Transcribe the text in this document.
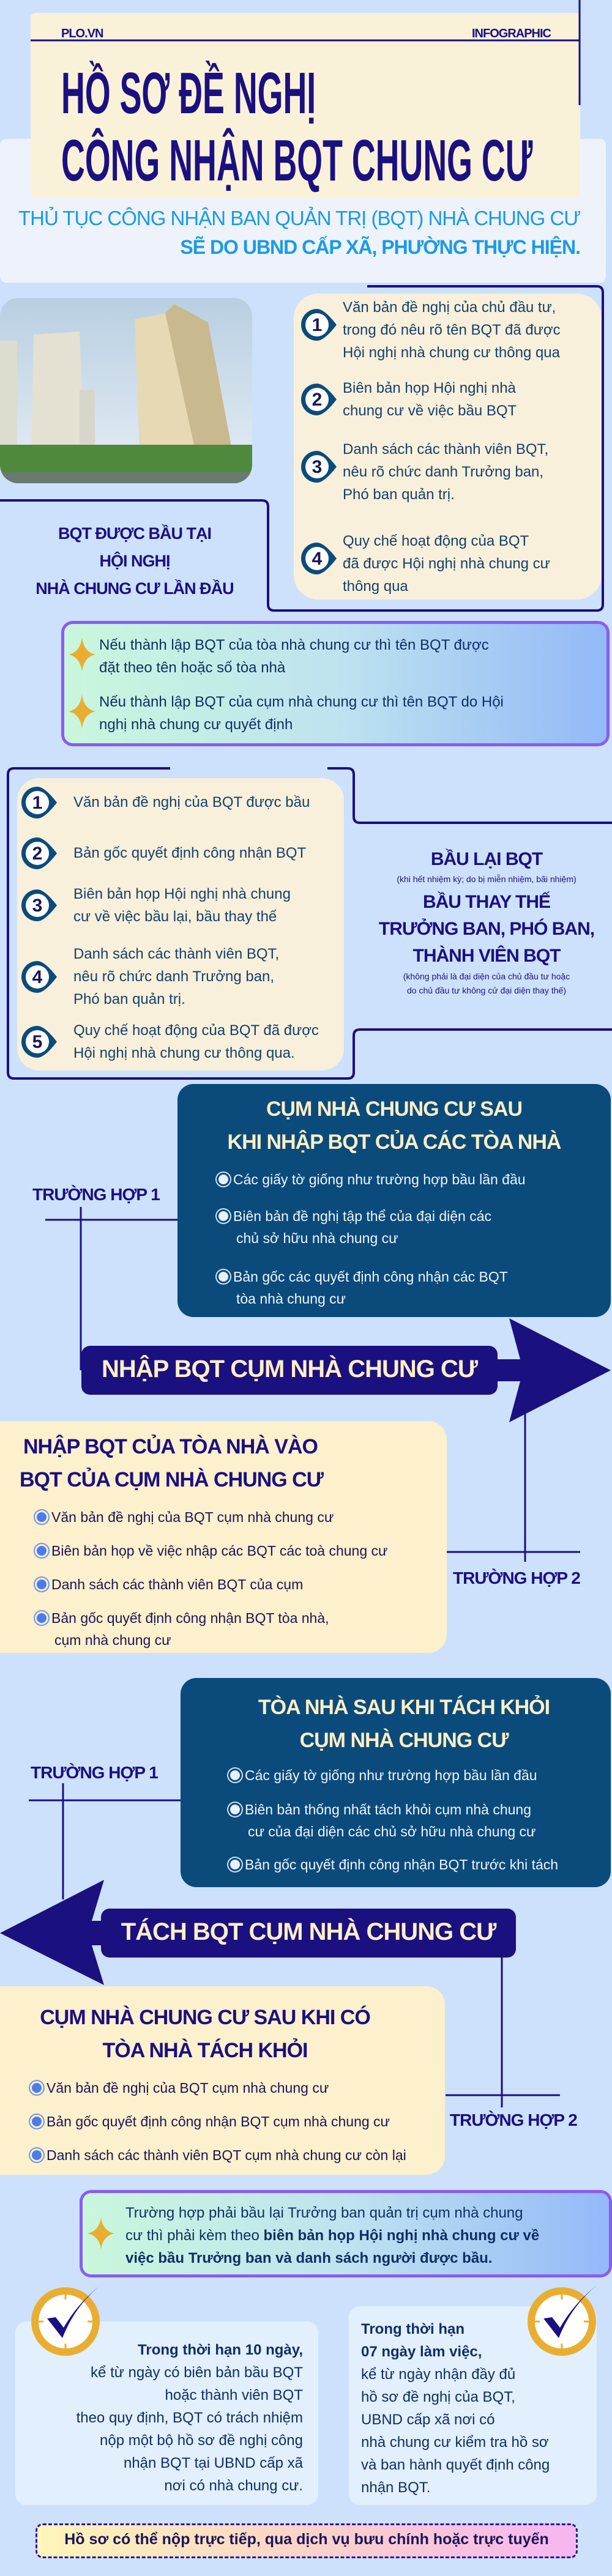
PLO.VN	INFOGRAPHIC
HỒ SƠ ĐỀ NGHỊ
CÔNG NHẬN BQT CHUNG CƯ
THỦ TỤC CÔNG NHẬN BAN QUẢN TRỊ (BQT) NHÀ CHUNG CƯ
SẼ DO UBND CẤP XÃ, PHƯỜNG THỰC HIỆN.
BQT ĐƯỢC BẦU TẠI
HỘI NGHỊ
NHÀ CHUNG CƯ LẦN ĐẦU
BẦU LẠI BQT
(khi hết nhiệm kỳ; do bị miễn nhiệm, bãi nhiệm)
BẦU THAY THẾ
TRƯỞNG BAN, PHÓ BAN,
THÀNH VIÊN BQT
(không phải là đại diện của chủ đầu tư hoặc
do chủ đầu tư không cử đại diện thay thế)
CỤM NHÀ CHUNG CƯ SAU
KHI NHẬP BQT CỦA CÁC TÒA NHÀ
TRƯỜNG HỢP 1
NHẬP BQT CỤM NHÀ CHUNG CƯ
NHẬP BQT CỦA TÒA NHÀ VÀO
BQT CỦA CỤM NHÀ CHUNG CƯ
TRƯỜNG HỢP 2
TÒA NHÀ SAU KHI TÁCH KHỎI
CỤM NHÀ CHUNG CƯ
TRƯỜNG HỢP 1
TÁCH BQT CỤM NHÀ CHUNG CƯ
CỤM NHÀ CHUNG CƯ SAU KHI CÓ
TÒA NHÀ TÁCH KHỎI
TRƯỜNG HỢP 2
Trường hợp phải bầu lại Trưởng ban quản trị cụm nhà chung
cư thì phải kèm theo biên bản họp Hội nghị nhà chung cư về
việc bầu Trưởng ban và danh sách người được bầu.
Trong thời hạn 10 ngày,
kể từ ngày có biên bản bầu BQT
hoặc thành viên BQT
theo quy định, BQT có trách nhiệm
nộp một bộ hồ sơ đề nghị công
nhận BQT tại UBND cấp xã
nơi có nhà chung cư.
Trong thời hạn
07 ngày làm việc,
kể từ ngày nhận đầy đủ
hồ sơ đề nghị của BQT,
UBND cấp xã nơi có
nhà chung cư kiểm tra hồ sơ
và ban hành quyết định công
nhận BQT.
Hồ sơ có thể nộp trực tiếp, qua dịch vụ bưu chính hoặc trực tuyến
1
Văn bản đề nghị của chủ đầu tư,
trong đó nêu rõ tên BQT đã được
Hội nghị nhà chung cư thông qua
2
Biên bản họp Hội nghị nhà
chung cư về việc bầu BQT
3
Danh sách các thành viên BQT,
nêu rõ chức danh Trưởng ban,
Phó ban quản trị.
4
Quy chế hoạt động của BQT
đã được Hội nghị nhà chung cư
thông qua
Nếu thành lập BQT của tòa nhà chung cư thì tên BQT được
đặt theo tên hoặc số tòa nhà
Nếu thành lập BQT của cụm nhà chung cư thì tên BQT do Hội
nghị nhà chung cư quyết định
1	Văn bản đề nghị của BQT được bầu
2	Bản gốc quyết định công nhận BQT
3
Biên bản họp Hội nghị nhà chung
cư về việc bầu lại, bầu thay thế
4
Danh sách các thành viên BQT,
nêu rõ chức danh Trưởng ban,
Phó ban quản trị.
5
Quy chế hoạt động của BQT đã được
Hội nghị nhà chung cư thông qua.
Các giấy tờ giống như trường hợp bầu lần đầu
Biên bản đề nghị tập thể của đại diện các
chủ sở hữu nhà chung cư
Bản gốc các quyết định công nhận các BQT
tòa nhà chung cư
Văn bản đề nghị của BQT cụm nhà chung cư
Biên bản họp về việc nhập các BQT các toà chung cư
Danh sách các thành viên BQT của cụm
Bản gốc quyết định công nhận BQT tòa nhà,
cụm nhà chung cư
Các giấy tờ giống như trường hợp bầu lần đầu
Biên bản thống nhất tách khỏi cụm nhà chung
cư của đại diện các chủ sở hữu nhà chung cư
Bản gốc quyết định công nhận BQT trước khi tách
Văn bản đề nghị của BQT cụm nhà chung cư
Bản gốc quyết định công nhận BQT cụm nhà chung cư
Danh sách các thành viên BQT cụm nhà chung cư còn lại
